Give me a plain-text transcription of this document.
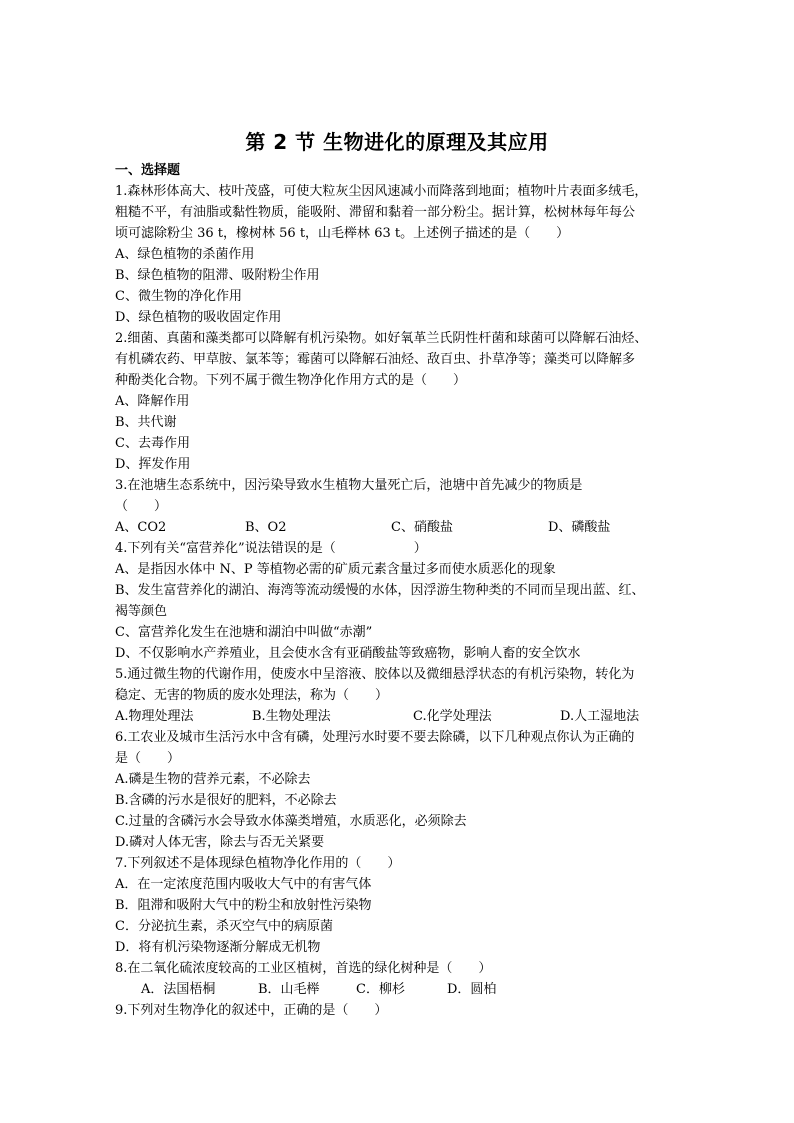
第 2 节 生物进化的原理及其应用
一、选择题
1.森林形体高大、枝叶茂盛，可使大粒灰尘因风速减小而降落到地面；植物叶片表面多绒毛，
粗糙不平，有油脂或黏性物质，能吸附、滞留和黏着一部分粉尘。据计算，松树林每年每公
顷可滤除粉尘 36 t，橡树林 56 t，山毛榉林 63 t。上述例子描述的是（　　）
A、绿色植物的杀菌作用
B、绿色植物的阻滞、吸附粉尘作用
C、微生物的净化作用
D、绿色植物的吸收固定作用
2.细菌、真菌和藻类都可以降解有机污染物。如好氧革兰氏阴性杆菌和球菌可以降解石油烃、
有机磷农药、甲草胺、氯苯等；霉菌可以降解石油烃、敌百虫、扑草净等；藻类可以降解多
种酚类化合物。下列不属于微生物净化作用方式的是（　　）
A、降解作用
B、共代谢
C、去毒作用
D、挥发作用
3.在池塘生态系统中，因污染导致水生植物大量死亡后，池塘中首先减少的物质是
（　　）
A、CO2	B、O2	C、硝酸盐	D、磷酸盐
4.下列有关“富营养化”说法错误的是（　　　　　　）
A、是指因水体中 N、P 等植物必需的矿质元素含量过多而使水质恶化的现象
B、发生富营养化的湖泊、海湾等流动缓慢的水体，因浮游生物种类的不同而呈现出蓝、红、
褐等颜色
C、富营养化发生在池塘和湖泊中叫做“赤潮”
D、不仅影响水产养殖业，且会使水含有亚硝酸盐等致癌物，影响人畜的安全饮水
5.通过微生物的代谢作用，使废水中呈溶液、胶体以及微细悬浮状态的有机污染物，转化为
稳定、无害的物质的废水处理法，称为（　　）
A.物理处理法	B.生物处理法	C.化学处理法	D.人工湿地法
6.工农业及城市生活污水中含有磷，处理污水时要不要去除磷，以下几种观点你认为正确的
是（　　）
A.磷是生物的营养元素，不必除去
B.含磷的污水是很好的肥料，不必除去
C.过量的含磷污水会导致水体藻类增殖，水质恶化，必须除去
D.磷对人体无害，除去与否无关紧要
7.下列叙述不是体现绿色植物净化作用的（　　）
A．在一定浓度范围内吸收大气中的有害气体
B．阻滞和吸附大气中的粉尘和放射性污染物
C．分泌抗生素，杀灭空气中的病原菌
D．将有机污染物逐渐分解成无机物
8.在二氧化硫浓度较高的工业区植树，首选的绿化树种是（　　）
A．法国梧桐	B．山毛榉	C．柳杉	D．圆柏
9.下列对生物净化的叙述中，正确的是（　　）
